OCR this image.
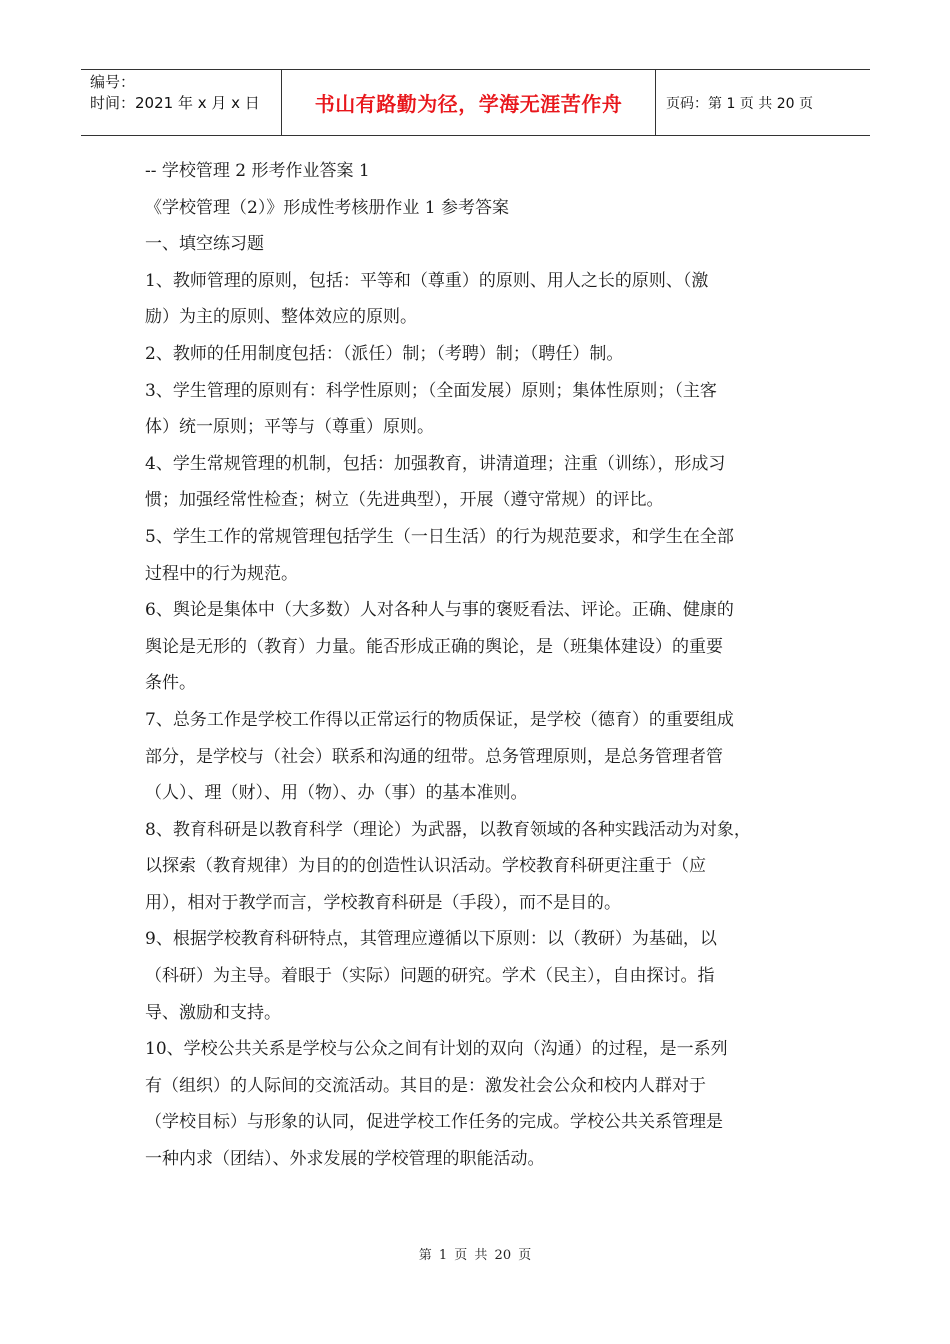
编号：
时间：2021 年 x 月 x 日	书山有路勤为径，学海无涯苦作舟	页码：第 1 页 共 20 页
-- 学校管理 2 形考作业答案 1
《学校管理（2）》形成性考核册作业 1 参考答案
一、填空练习题
1、教师管理的原则，包括：平等和（尊重）的原则、用人之长的原则、（激
励）为主的原则、整体效应的原则。
2、教师的任用制度包括：（派任）制；（考聘）制；（聘任）制。
3、学生管理的原则有：科学性原则；（全面发展）原则；集体性原则；（主客
体）统一原则；平等与（尊重）原则。
4、学生常规管理的机制，包括：加强教育，讲清道理；注重（训练），形成习
惯；加强经常性检查；树立（先进典型），开展（遵守常规）的评比。
5、学生工作的常规管理包括学生（一日生活）的行为规范要求，和学生在全部
过程中的行为规范。
6、舆论是集体中（大多数）人对各种人与事的褒贬看法、评论。正确、健康的
舆论是无形的（教育）力量。能否形成正确的舆论，是（班集体建设）的重要
条件。
7、总务工作是学校工作得以正常运行的物质保证，是学校（德育）的重要组成
部分，是学校与（社会）联系和沟通的纽带。总务管理原则，是总务管理者管
（人）、理（财）、用（物）、办（事）的基本准则。
8、教育科研是以教育科学（理论）为武器，以教育领域的各种实践活动为对象，
以探索（教育规律）为目的的创造性认识活动。学校教育科研更注重于（应
用），相对于教学而言，学校教育科研是（手段），而不是目的。
9、根据学校教育科研特点，其管理应遵循以下原则：以（教研）为基础，以
（科研）为主导。着眼于（实际）问题的研究。学术（民主），自由探讨。指
导、激励和支持。
10、学校公共关系是学校与公众之间有计划的双向（沟通）的过程，是一系列
有（组织）的人际间的交流活动。其目的是：激发社会公众和校内人群对于
（学校目标）与形象的认同，促进学校工作任务的完成。学校公共关系管理是
一种内求（团结）、外求发展的学校管理的职能活动。
第 1 页 共 20 页
